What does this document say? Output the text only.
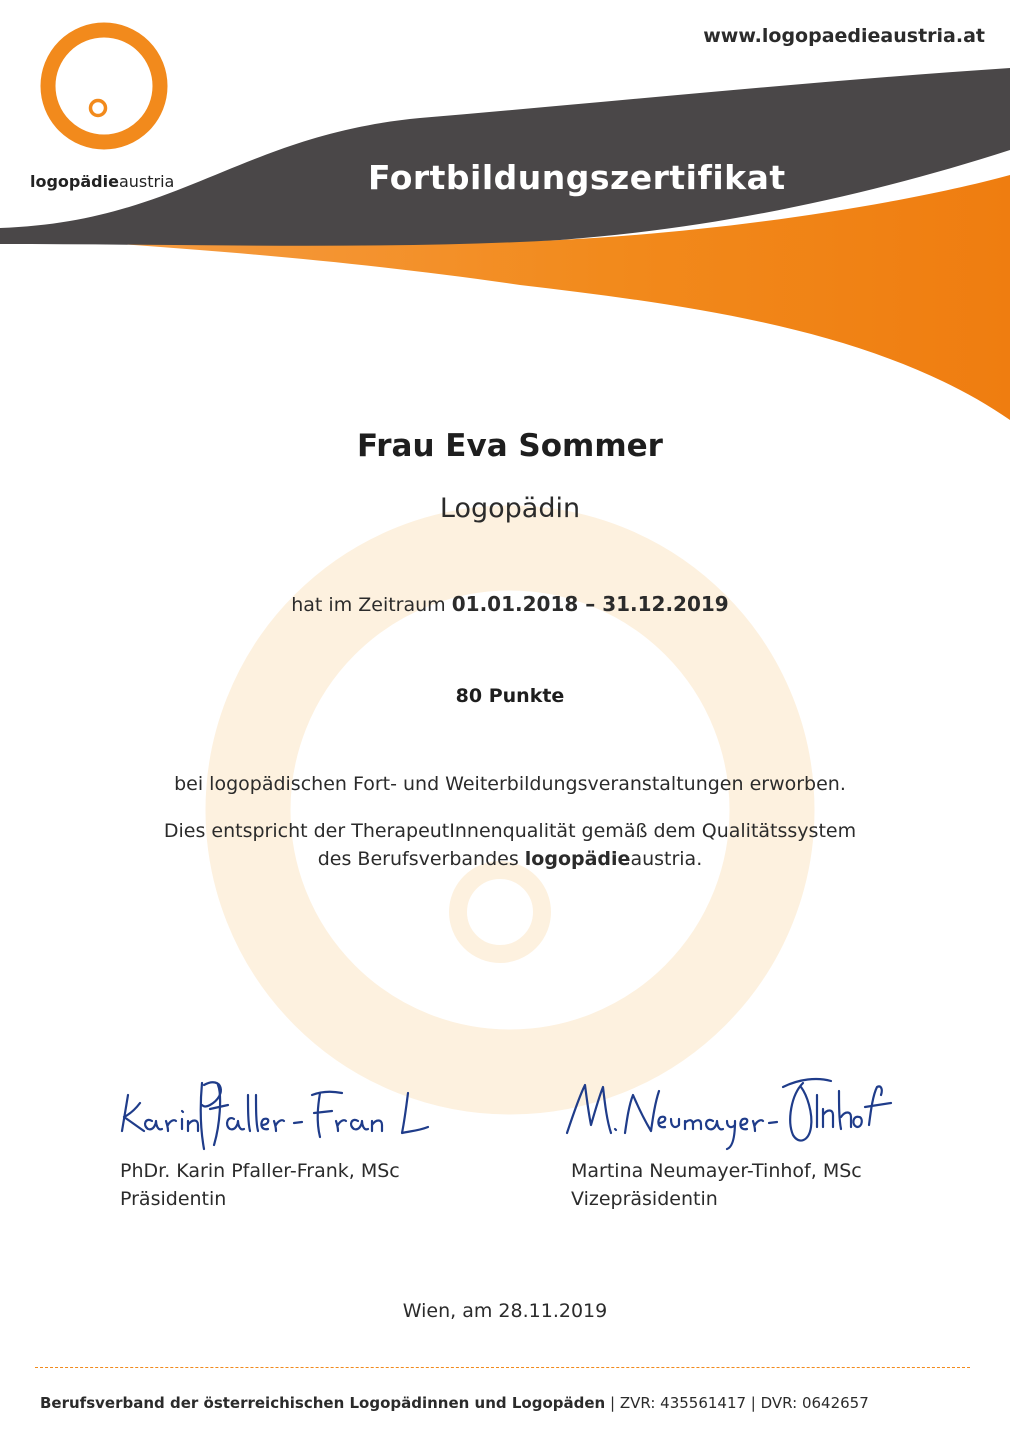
www.logopaedieaustria.at
logopädieaustria	Fortbildungszertifikat
Frau Eva Sommer
Logopädin
hat im Zeitraum 01.01.2018 – 31.12.2019
80 Punkte
bei logopädischen Fort- und Weiterbildungsveranstaltungen erworben.
Dies entspricht der TherapeutInnenqualität gemäß dem Qualitätssystem
des Berufsverbandes logopädieaustria.
PhDr. Karin Pfaller-Frank, MSc
Präsidentin
Martina Neumayer-Tinhof, MSc
Vizepräsidentin
Wien, am 28.11.2019
Berufsverband der österreichischen Logopädinnen und Logopäden | ZVR: 435561417 | DVR: 0642657
